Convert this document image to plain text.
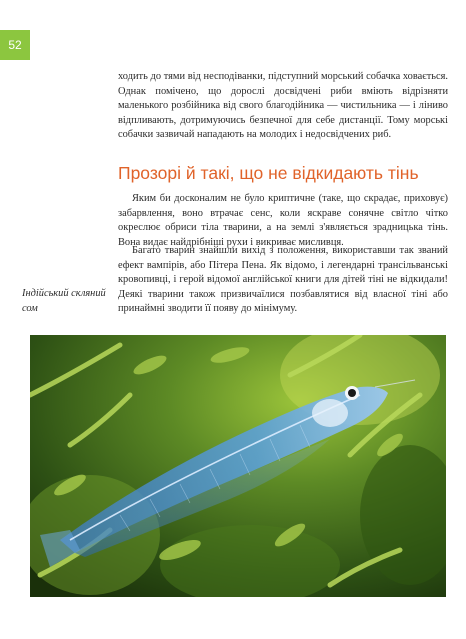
52

ходить до тями від несподіванки, підступний морський собачка ховається. Однак помічено, що дорослі досвідчені риби вміють відрізняти маленького розбійника від свого благодійника — чистильника — і ліниво відпливають, дотримуючись безпечної для себе дистанції. Тому морські собачки зазвичай нападають на молодих і недосвідчених риб.

Прозорі й такі, що не відкидають тінь

Яким би досконалим не було криптичне (таке, що скрадає, приховує) забарвлення, воно втрачає сенс, коли яскраве сонячне світло чітко окреслює обриси тіла тварини, а на землі з'являється зрадницька тінь. Вона видає найдрібніші рухи і викриває мисливця.

Багато тварин знайшли вихід з положення, використавши так званий ефект вампірів, або Пітера Пена. Як відомо, і легендарні трансільванські кровопивці, і герой відомої англійської книги для дітей тіні не відкидали! Деякі тварини також призвичаїлися позбавлятися від власної тіні або принаймні зводити її появу до мінімуму.

Індійський скляний сом
